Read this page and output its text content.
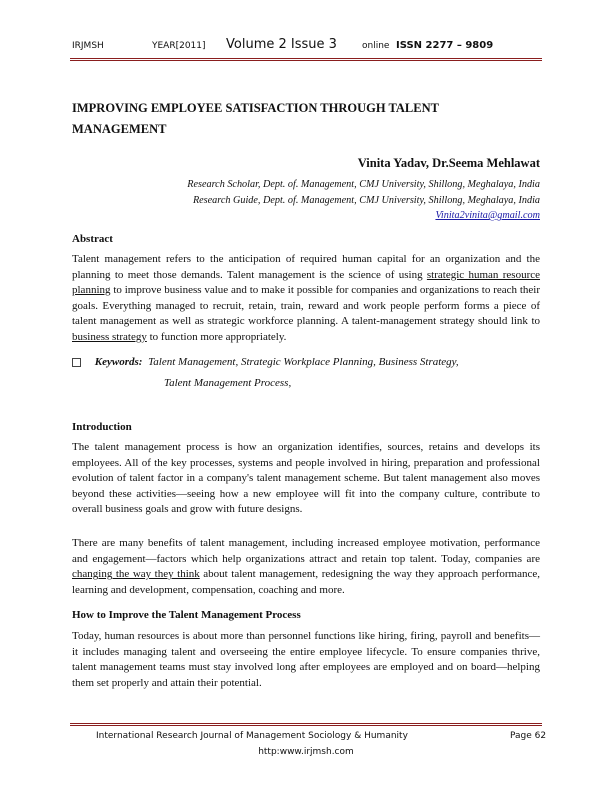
IRJMSH	YEAR[2011] Volume 2 Issue 3	online ISSN 2277 – 9809
IMPROVING EMPLOYEE SATISFACTION THROUGH TALENT
MANAGEMENT
Vinita Yadav, Dr.Seema Mehlawat
Research Scholar, Dept. of. Management, CMJ University, Shillong, Meghalaya, India
Research Guide, Dept. of. Management, CMJ University, Shillong, Meghalaya, India
Vinita2vinita@gmail.com
Abstract

Talent management refers to the anticipation of required human capital for an organization and the planning to meet those demands. Talent management is the science of using strategic human resource planning to improve business value and to make it possible for companies and organizations to reach their goals. Everything managed to recruit, retain, train, reward and work people perform forms a piece of talent management as well as strategic workforce planning. A talent-management strategy should link to business strategy to function more appropriately.

Keywords: Talent Management, Strategic Workplace Planning, Business Strategy,
Talent Management Process,
Introduction

The talent management process is how an organization identifies, sources, retains and develops its employees. All of the key processes, systems and people involved in hiring, preparation and professional evolution of talent factor in a company's talent management scheme. But talent management also moves beyond these activities—seeing how a new employee will fit into the company culture, contribute to overall business goals and grow with future designs.

There are many benefits of talent management, including increased employee motivation, performance and engagement—factors which help organizations attract and retain top talent. Today, companies are changing the way they think about talent management, redesigning the way they approach performance, learning and development, compensation, coaching and more.

How to Improve the Talent Management Process

Today, human resources is about more than personnel functions like hiring, firing, payroll and benefits—it includes managing talent and overseeing the entire employee lifecycle. To ensure companies thrive, talent management teams must stay involved long after employees are employed and on board—helping them set properly and attain their potential.

International Research Journal of Management Sociology & Humanity	Page 62
http:www.irjmsh.com
